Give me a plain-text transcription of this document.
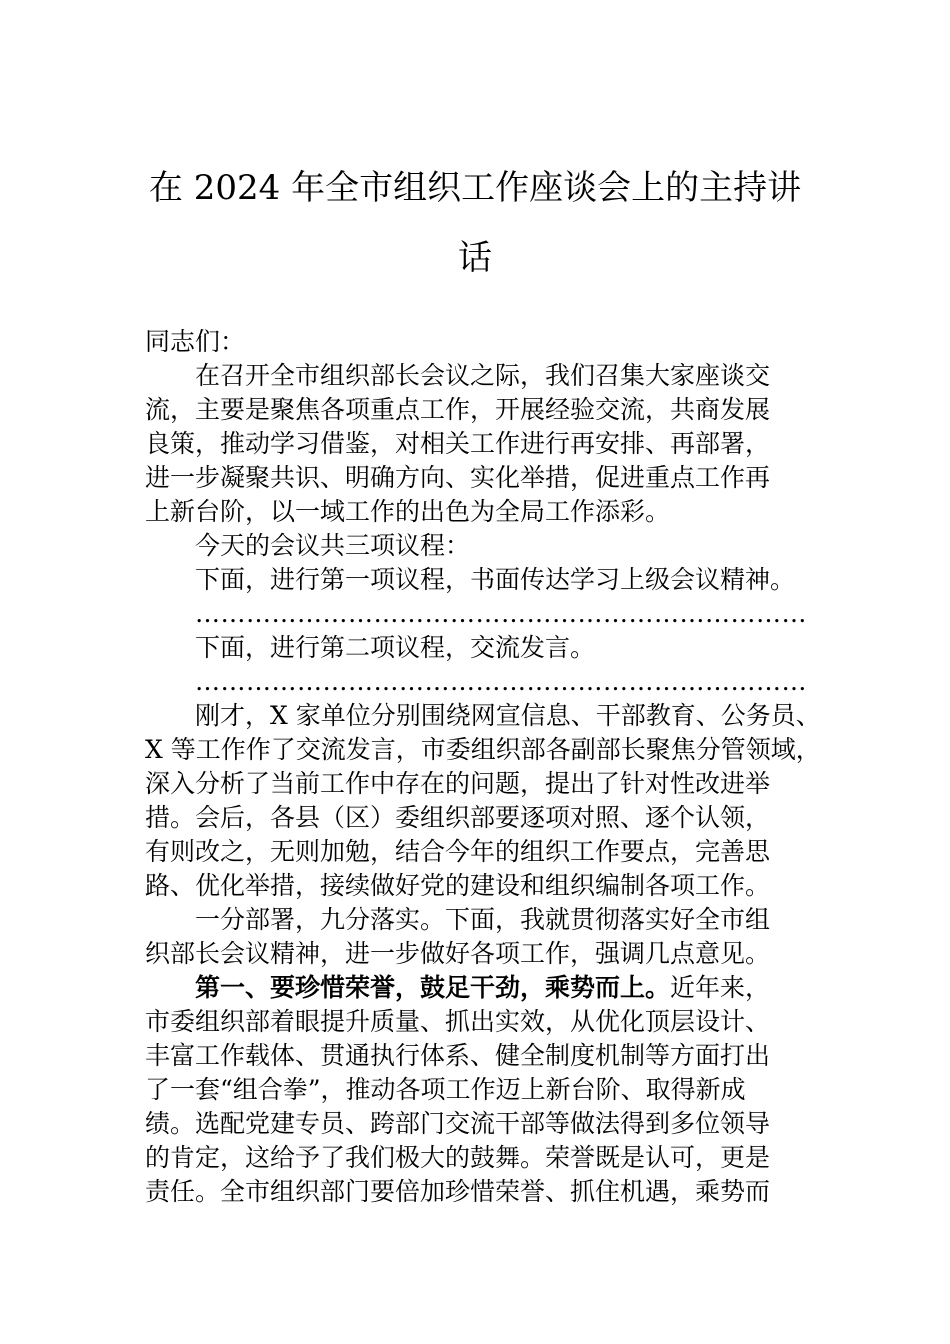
在 2024 年全市组织工作座谈会上的主持讲
话

同志们：

在召开全市组织部长会议之际，我们召集大家座谈交

流，主要是聚焦各项重点工作，开展经验交流，共商发展

良策，推动学习借鉴，对相关工作进行再安排、再部署，

进一步凝聚共识、明确方向、实化举措，促进重点工作再

上新台阶，以一域工作的出色为全局工作添彩。

今天的会议共三项议程：

下面，进行第一项议程，书面传达学习上级会议精神。

………………………………………………………………

下面，进行第二项议程，交流发言。

………………………………………………………………

刚才，X 家单位分别围绕网宣信息、干部教育、公务员、

X 等工作作了交流发言，市委组织部各副部长聚焦分管领域，

深入分析了当前工作中存在的问题，提出了针对性改进举

措。会后，各县（区）委组织部要逐项对照、逐个认领，

有则改之，无则加勉，结合今年的组织工作要点，完善思

路、优化举措，接续做好党的建设和组织编制各项工作。

一分部署，九分落实。下面，我就贯彻落实好全市组

织部长会议精神，进一步做好各项工作，强调几点意见。

第一、要珍惜荣誉，鼓足干劲，乘势而上。近年来，

市委组织部着眼提升质量、抓出实效，从优化顶层设计、

丰富工作载体、贯通执行体系、健全制度机制等方面打出

了一套“组合拳”，推动各项工作迈上新台阶、取得新成

绩。选配党建专员、跨部门交流干部等做法得到多位领导

的肯定，这给予了我们极大的鼓舞。荣誉既是认可，更是

责任。全市组织部门要倍加珍惜荣誉、抓住机遇，乘势而
